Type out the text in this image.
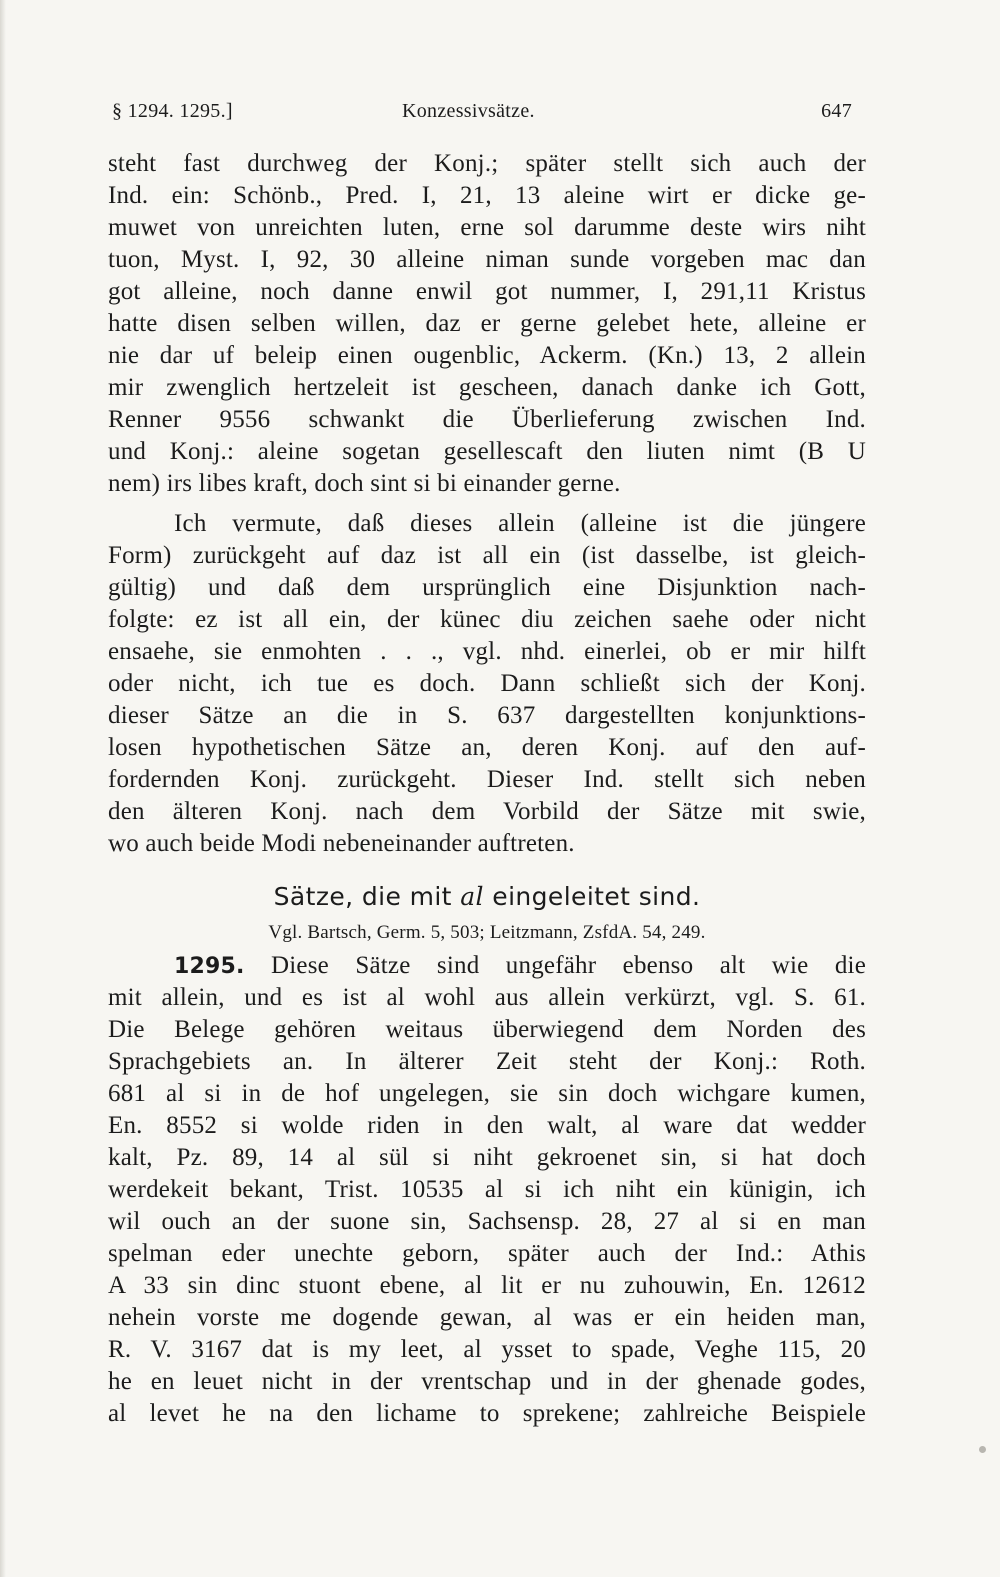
§ 1294. 1295.]	Konzessivsätze.	647
steht fast durchweg der Konj.; später stellt sich auch der
Ind. ein: Schönb., Pred. I, 21, 13 aleine wirt er dicke ge-
muwet von unreichten luten, erne sol darumme deste wirs niht
tuon, Myst. I, 92, 30 alleine niman sunde vorgeben mac dan
got alleine, noch danne enwil got nummer, I, 291,11 Kristus
hatte disen selben willen, daz er gerne gelebet hete, alleine er
nie dar uf beleip einen ougenblic, Ackerm. (Kn.) 13, 2 allein
mir zwenglich hertzeleit ist gescheen, danach danke ich Gott,
Renner 9556 schwankt die Überlieferung zwischen Ind.
und Konj.: aleine sogetan gesellescaft den liuten nimt (B U
nem) irs libes kraft, doch sint si bi einander gerne.
Ich vermute, daß dieses allein (alleine ist die jüngere
Form) zurückgeht auf daz ist all ein (ist dasselbe, ist gleich-
gültig) und daß dem ursprünglich eine Disjunktion nach-
folgte: ez ist all ein, der künec diu zeichen saehe oder nicht
ensaehe, sie enmohten . . ., vgl. nhd. einerlei, ob er mir hilft
oder nicht, ich tue es doch. Dann schließt sich der Konj.
dieser Sätze an die in S. 637 dargestellten konjunktions-
losen hypothetischen Sätze an, deren Konj. auf den auf-
fordernden Konj. zurückgeht. Dieser Ind. stellt sich neben
den älteren Konj. nach dem Vorbild der Sätze mit swie,
wo auch beide Modi nebeneinander auftreten.
Sätze, die mit al eingeleitet sind.
Vgl. Bartsch, Germ. 5, 503; Leitzmann, ZsfdA. 54, 249.
1295. Diese Sätze sind ungefähr ebenso alt wie die
mit allein, und es ist al wohl aus allein verkürzt, vgl. S. 61.
Die Belege gehören weitaus überwiegend dem Norden des
Sprachgebiets an. In älterer Zeit steht der Konj.: Roth.
681 al si in de hof ungelegen, sie sin doch wichgare kumen,
En. 8552 si wolde riden in den walt, al ware dat wedder
kalt, Pz. 89, 14 al sül si niht gekroenet sin, si hat doch
werdekeit bekant, Trist. 10535 al si ich niht ein künigin, ich
wil ouch an der suone sin, Sachsensp. 28, 27 al si en man
spelman eder unechte geborn, später auch der Ind.: Athis
A 33 sin dinc stuont ebene, al lit er nu zuhouwin, En. 12612
nehein vorste me dogende gewan, al was er ein heiden man,
R. V. 3167 dat is my leet, al ysset to spade, Veghe 115, 20
he en leuet nicht in der vrentschap und in der ghenade godes,
al levet he na den lichame to sprekene; zahlreiche Beispiele
